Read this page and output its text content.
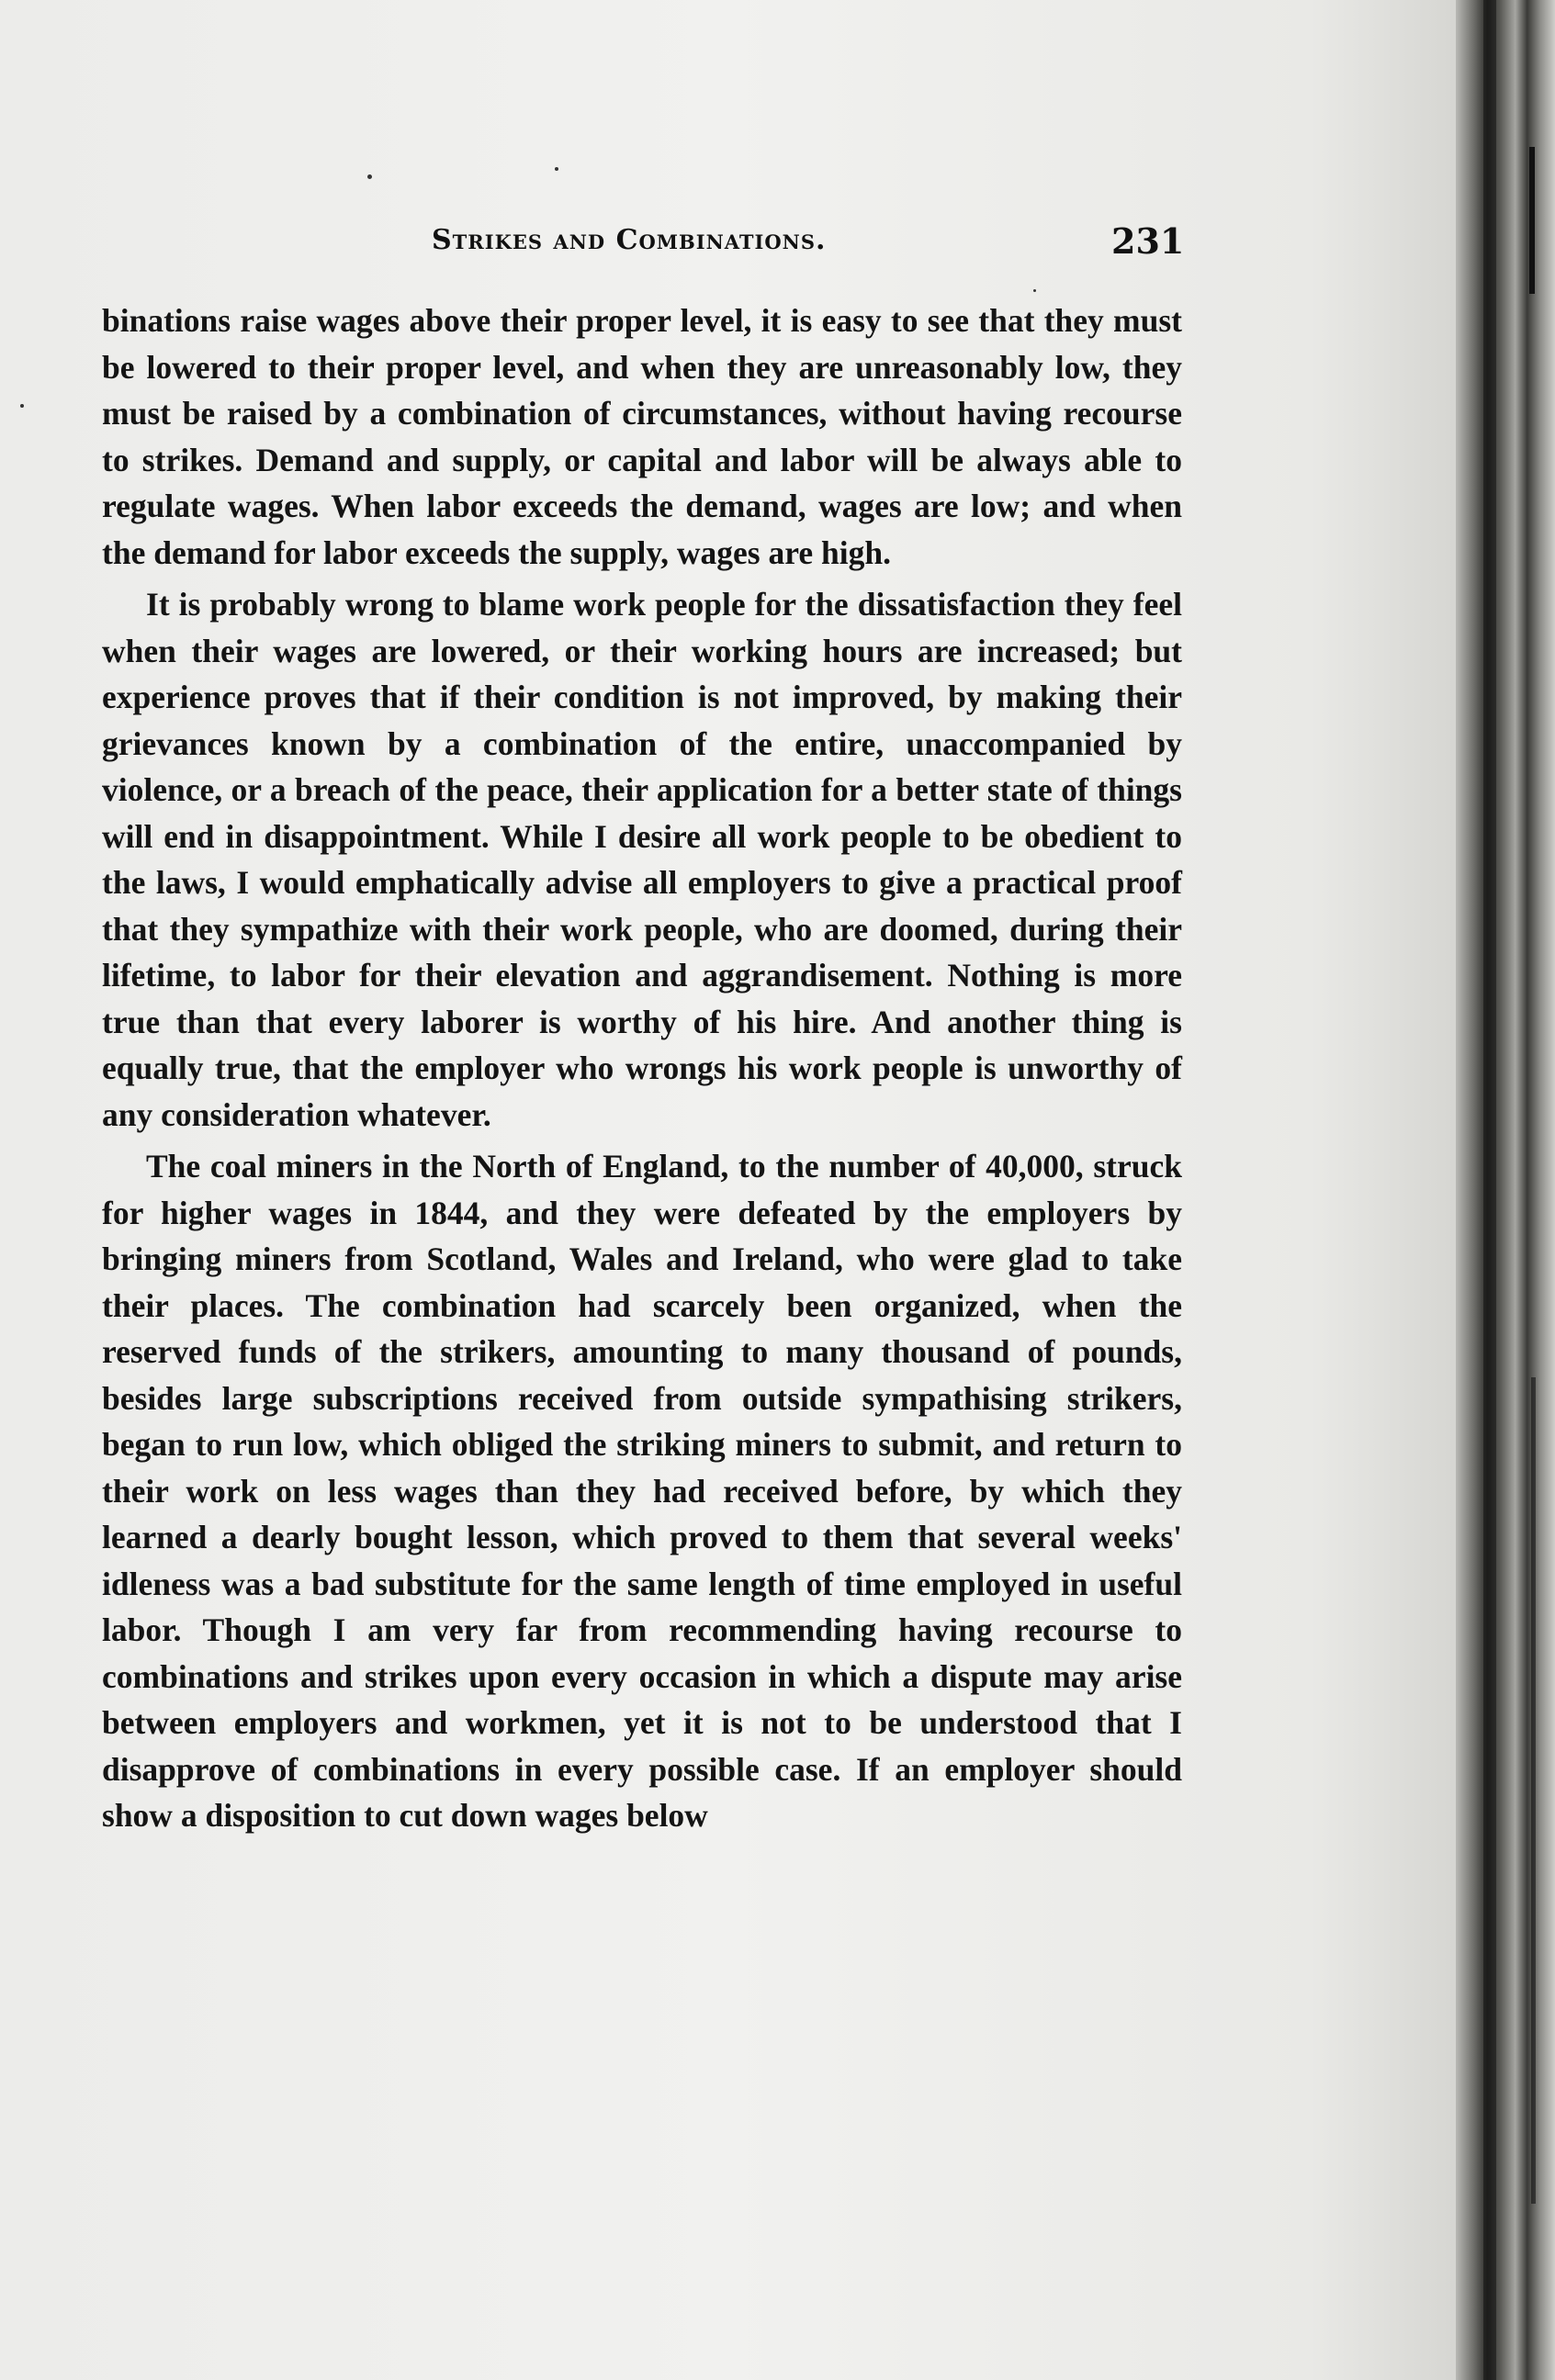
Strikes and Combinations.	231

binations raise wages above their proper level, it is easy to see that they must be lowered to their proper level, and when they are unreasonably low, they must be raised by a combination of circumstances, without having recourse to strikes. Demand and supply, or capital and labor will be always able to regulate wages. When labor exceeds the demand, wages are low; and when the demand for labor exceeds the supply, wages are high.

It is probably wrong to blame work people for the dissatisfaction they feel when their wages are lowered, or their working hours are increased; but experience proves that if their condition is not improved, by making their grievances known by a combination of the entire, unaccompanied by violence, or a breach of the peace, their application for a better state of things will end in disappointment. While I desire all work people to be obedient to the laws, I would emphatically advise all employers to give a practical proof that they sympathize with their work people, who are doomed, during their lifetime, to labor for their elevation and aggrandisement. Nothing is more true than that every laborer is worthy of his hire. And another thing is equally true, that the employer who wrongs his work people is unworthy of any consideration whatever.

The coal miners in the North of England, to the number of 40,000, struck for higher wages in 1844, and they were defeated by the employers by bringing miners from Scotland, Wales and Ireland, who were glad to take their places. The combination had scarcely been organized, when the reserved funds of the strikers, amounting to many thousand of pounds, besides large subscriptions received from outside sympathising strikers, began to run low, which obliged the striking miners to submit, and return to their work on less wages than they had received before, by which they learned a dearly bought lesson, which proved to them that several weeks' idleness was a bad substitute for the same length of time employed in useful labor. Though I am very far from recommending having recourse to combinations and strikes upon every occasion in which a dispute may arise between employers and workmen, yet it is not to be understood that I disapprove of combinations in every possible case. If an employer should show a disposition to cut down wages below
